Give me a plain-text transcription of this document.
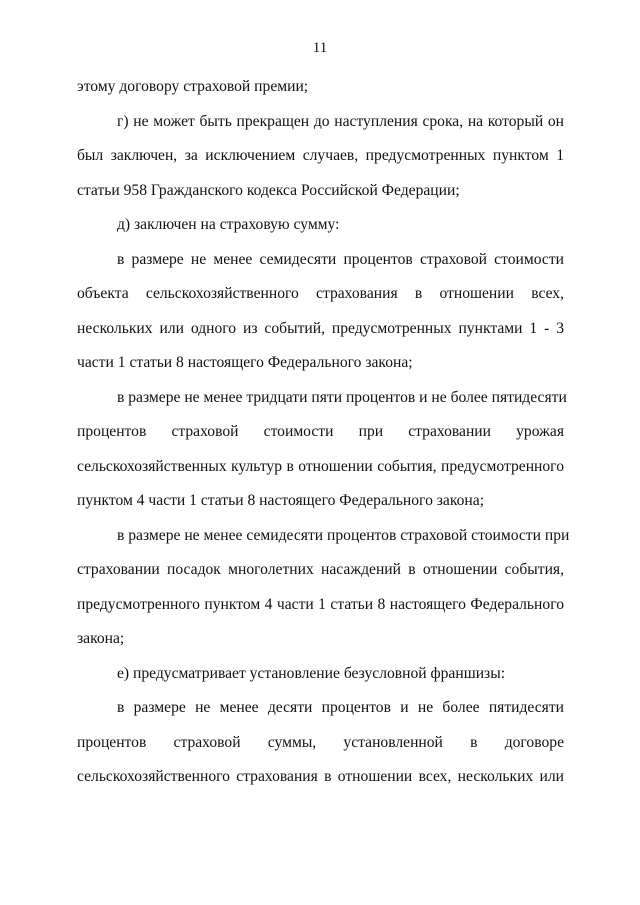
11
этому договору страховой премии;
г) не может быть прекращен до наступления срока, на который он
был заключен, за исключением случаев, предусмотренных пунктом 1
статьи 958 Гражданского кодекса Российской Федерации;
д) заключен на страховую сумму:
в размере не менее семидесяти процентов страховой стоимости
объекта сельскохозяйственного страхования в отношении всех,
нескольких или одного из событий, предусмотренных пунктами 1 - 3
части 1 статьи 8 настоящего Федерального закона;
в размере не менее тридцати пяти процентов и не более пятидесяти
процентов страховой стоимости при страховании урожая
сельскохозяйственных культур в отношении события, предусмотренного
пунктом 4 части 1 статьи 8 настоящего Федерального закона;
в размере не менее семидесяти процентов страховой стоимости при
страховании посадок многолетних насаждений в отношении события,
предусмотренного пунктом 4 части 1 статьи 8 настоящего Федерального
закона;
е) предусматривает установление безусловной франшизы:
в размере не менее десяти процентов и не более пятидесяти
процентов страховой суммы, установленной в договоре
сельскохозяйственного страхования в отношении всех, нескольких или
